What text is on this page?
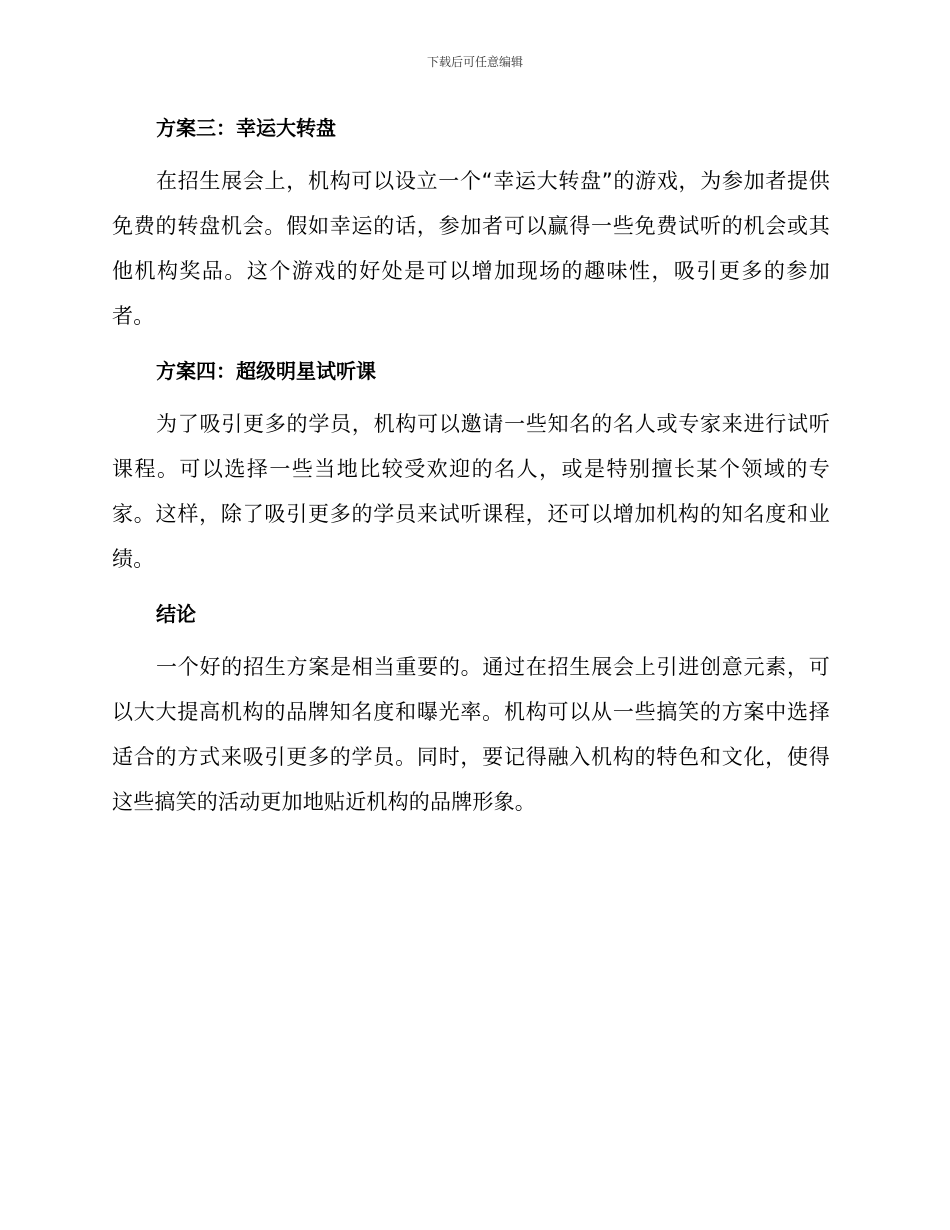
下载后可任意编辑
方案三：幸运大转盘

在招生展会上，机构可以设立一个“幸运大转盘”的游戏，为参加者提供免费的转盘机会。假如幸运的话，参加者可以赢得一些免费试听的机会或其他机构奖品。这个游戏的好处是可以增加现场的趣味性，吸引更多的参加者。

方案四：超级明星试听课

为了吸引更多的学员，机构可以邀请一些知名的名人或专家来进行试听课程。可以选择一些当地比较受欢迎的名人，或是特别擅长某个领域的专家。这样，除了吸引更多的学员来试听课程，还可以增加机构的知名度和业绩。

结论

一个好的招生方案是相当重要的。通过在招生展会上引进创意元素，可以大大提高机构的品牌知名度和曝光率。机构可以从一些搞笑的方案中选择适合的方式来吸引更多的学员。同时，要记得融入机构的特色和文化，使得这些搞笑的活动更加地贴近机构的品牌形象。
